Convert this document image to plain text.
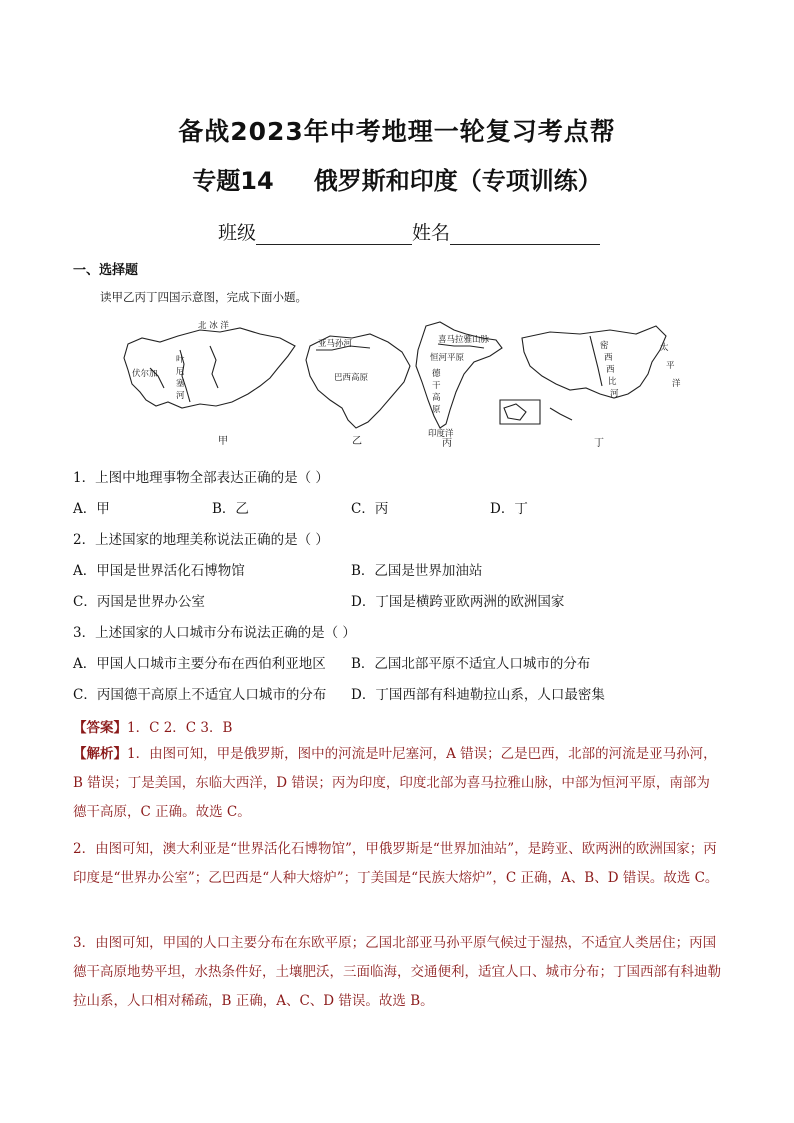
备战2023年中考地理一轮复习考点帮
专题14 俄罗斯和印度（专项训练）
班级	姓名
一、选择题
读甲乙丙丁四国示意图，完成下面小题。
北 冰 洋
叶
尼
塞
河
伏尔加
亚马孙河
巴西高原
喜马拉雅山脉
恒河平原
德
干
高
原
印度洋
太
平
洋
密
西
西
比
河
甲	乙	丙	丁
1．上图中地理事物全部表达正确的是（ ）
A．甲	B．乙	C．丙	D．丁
2．上述国家的地理美称说法正确的是（ ）
A．甲国是世界活化石博物馆	B．乙国是世界加油站
C．丙国是世界办公室	D．丁国是横跨亚欧两洲的欧洲国家
3．上述国家的人口城市分布说法正确的是（ ）
A．甲国人口城市主要分布在西伯利亚地区 B．乙国北部平原不适宜人口城市的分布
C．丙国德干高原上不适宜人口城市的分布 D．丁国西部有科迪勒拉山系，人口最密集
【答案】1．C 2．C 3．B
【解析】1．由图可知，甲是俄罗斯，图中的河流是叶尼塞河，A 错误；乙是巴西，北部的河流是亚马孙河，B 错误；丁是美国，东临大西洋，D 错误；丙为印度，印度北部为喜马拉雅山脉，中部为恒河平原，南部为德干高原，C 正确。故选 C。
2．由图可知，澳大利亚是“世界活化石博物馆”，甲俄罗斯是“世界加油站”，是跨亚、欧两洲的欧洲国家；丙印度是“世界办公室”；乙巴西是“人种大熔炉”；丁美国是“民族大熔炉”，C 正确，A、B、D 错误。故选 C。
3．由图可知，甲国的人口主要分布在东欧平原；乙国北部亚马孙平原气候过于湿热，不适宜人类居住；丙国德干高原地势平坦，水热条件好，土壤肥沃，三面临海，交通便利，适宜人口、城市分布；丁国西部有科迪勒拉山系，人口相对稀疏，B 正确，A、C、D 错误。故选 B。
